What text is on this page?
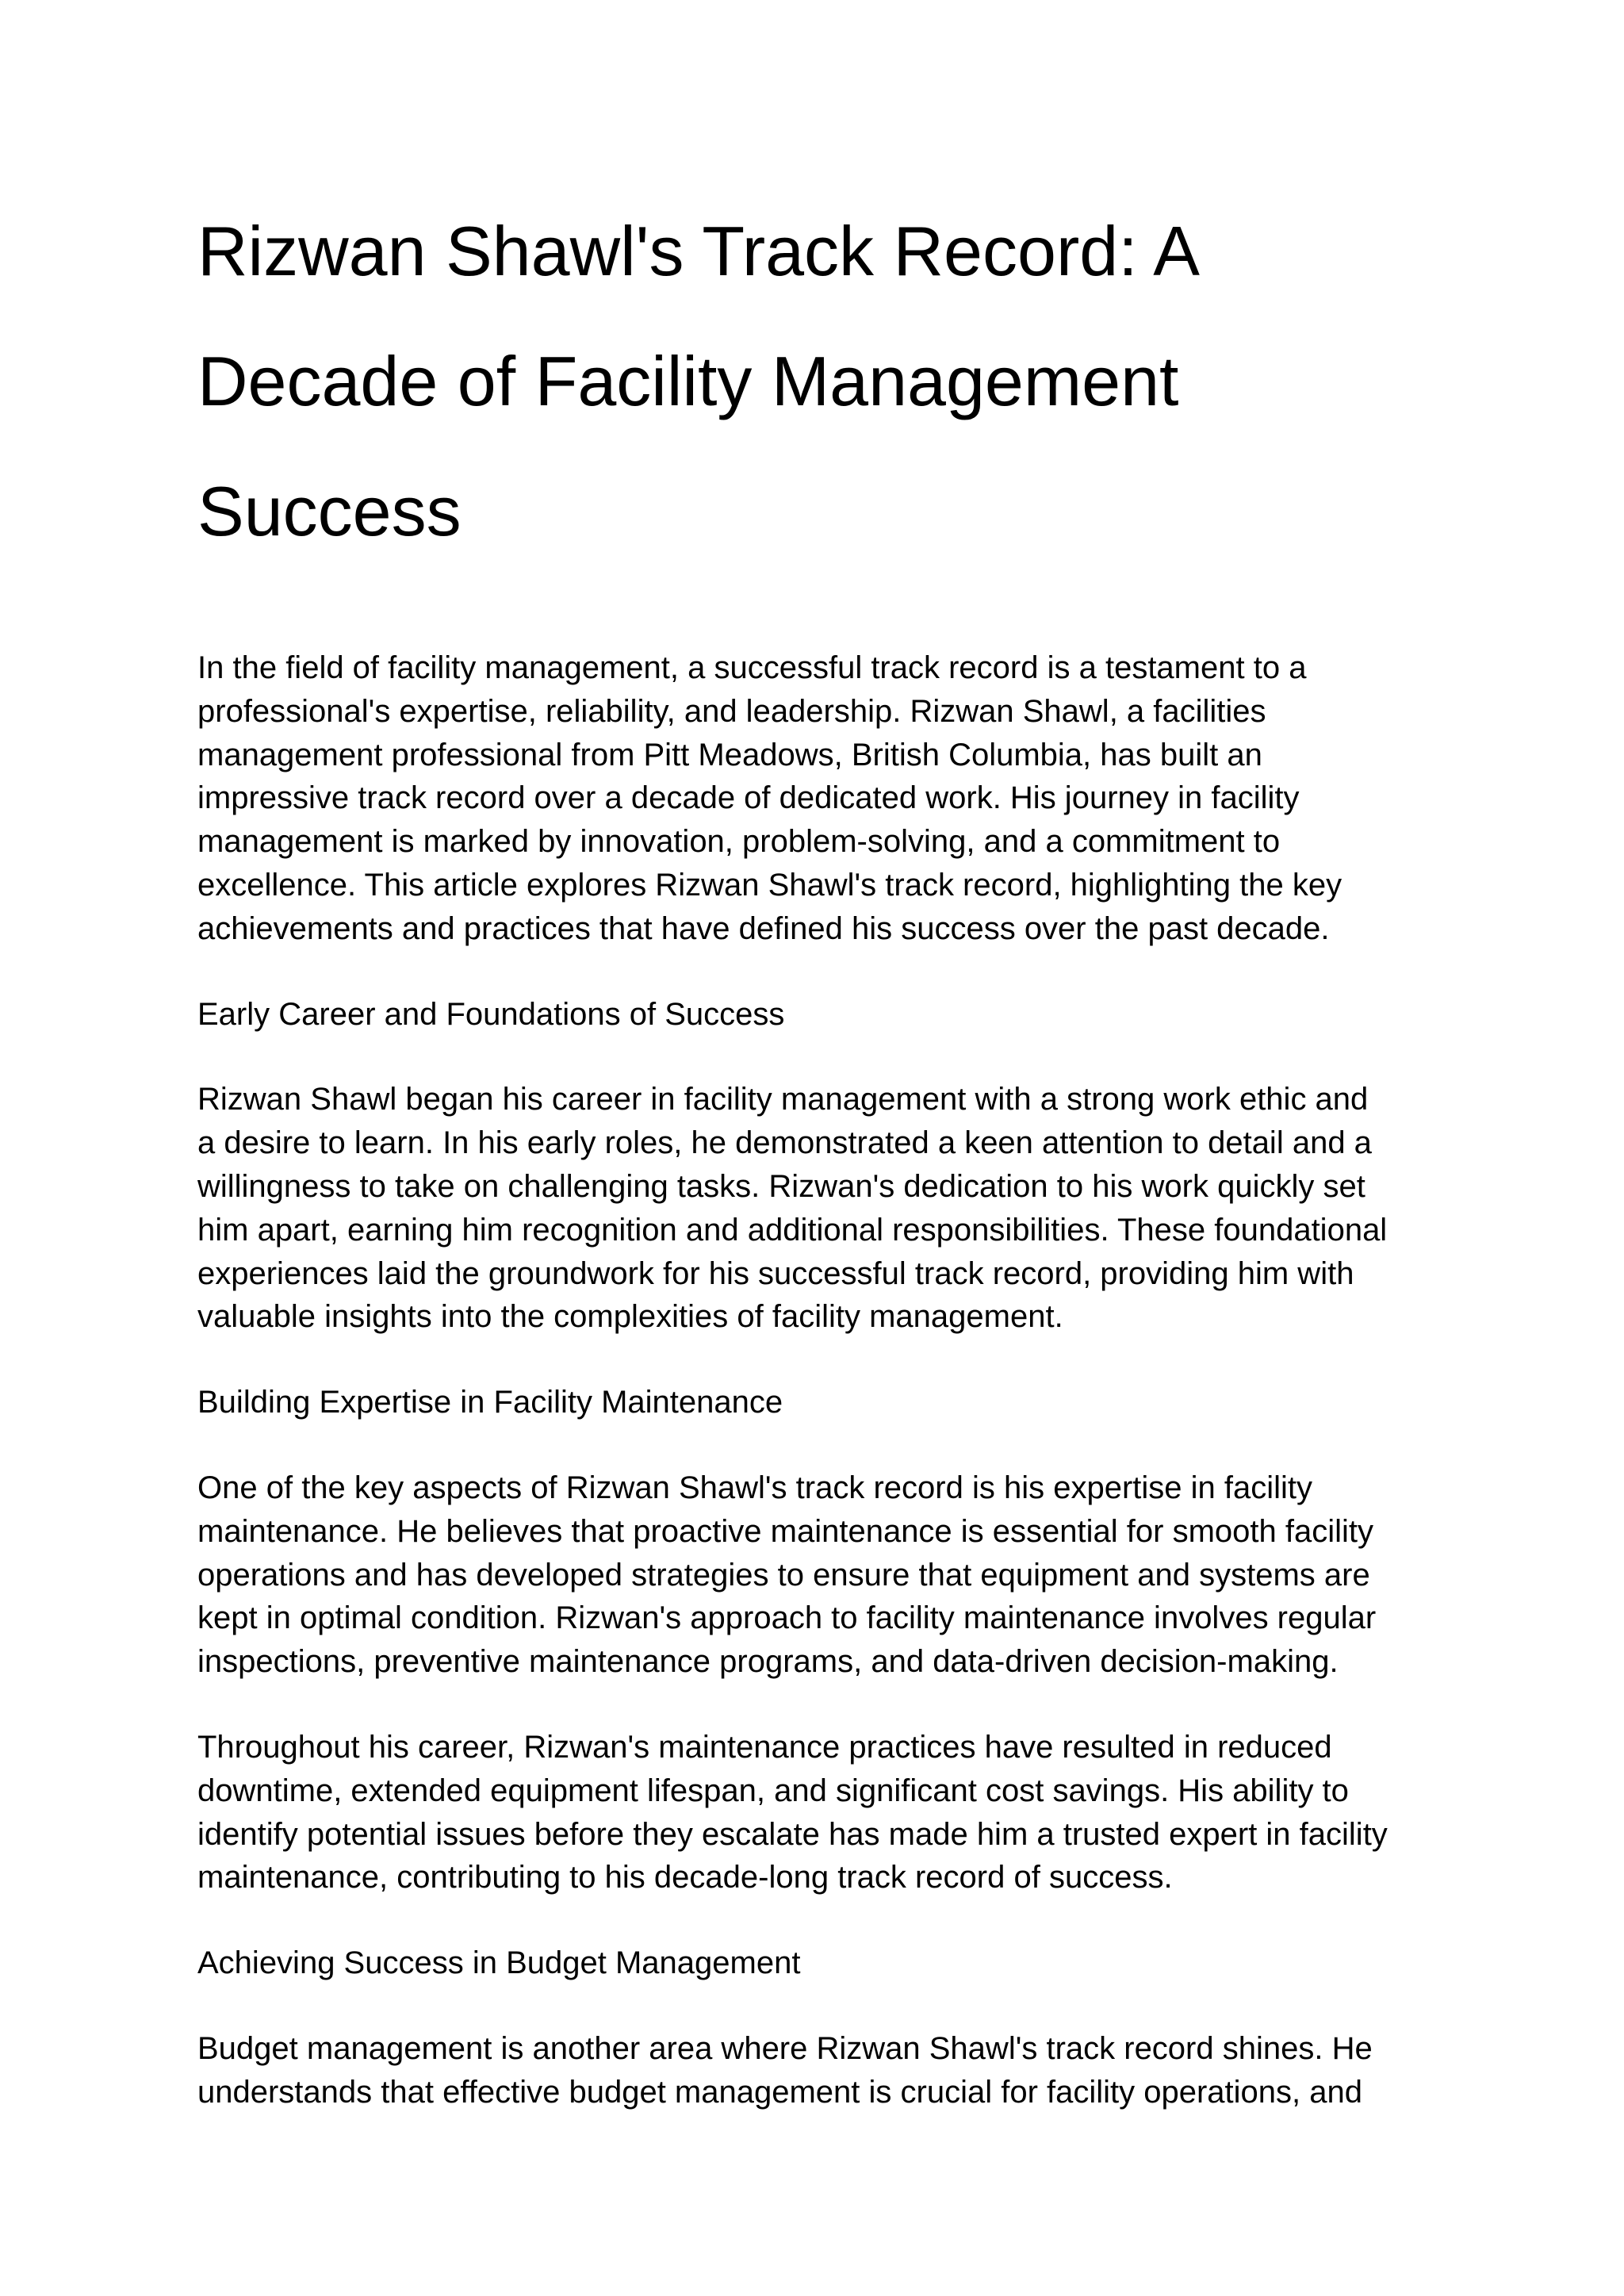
Rizwan Shawl's Track Record: A
Decade of Facility Management
Success

In the field of facility management, a successful track record is a testament to a
professional's expertise, reliability, and leadership. Rizwan Shawl, a facilities
management professional from Pitt Meadows, British Columbia, has built an
impressive track record over a decade of dedicated work. His journey in facility
management is marked by innovation, problem-solving, and a commitment to
excellence. This article explores Rizwan Shawl's track record, highlighting the key
achievements and practices that have defined his success over the past decade.

Early Career and Foundations of Success

Rizwan Shawl began his career in facility management with a strong work ethic and
a desire to learn. In his early roles, he demonstrated a keen attention to detail and a
willingness to take on challenging tasks. Rizwan's dedication to his work quickly set
him apart, earning him recognition and additional responsibilities. These foundational
experiences laid the groundwork for his successful track record, providing him with
valuable insights into the complexities of facility management.

Building Expertise in Facility Maintenance

One of the key aspects of Rizwan Shawl's track record is his expertise in facility
maintenance. He believes that proactive maintenance is essential for smooth facility
operations and has developed strategies to ensure that equipment and systems are
kept in optimal condition. Rizwan's approach to facility maintenance involves regular
inspections, preventive maintenance programs, and data-driven decision-making.

Throughout his career, Rizwan's maintenance practices have resulted in reduced
downtime, extended equipment lifespan, and significant cost savings. His ability to
identify potential issues before they escalate has made him a trusted expert in facility
maintenance, contributing to his decade-long track record of success.

Achieving Success in Budget Management

Budget management is another area where Rizwan Shawl's track record shines. He
understands that effective budget management is crucial for facility operations, and
